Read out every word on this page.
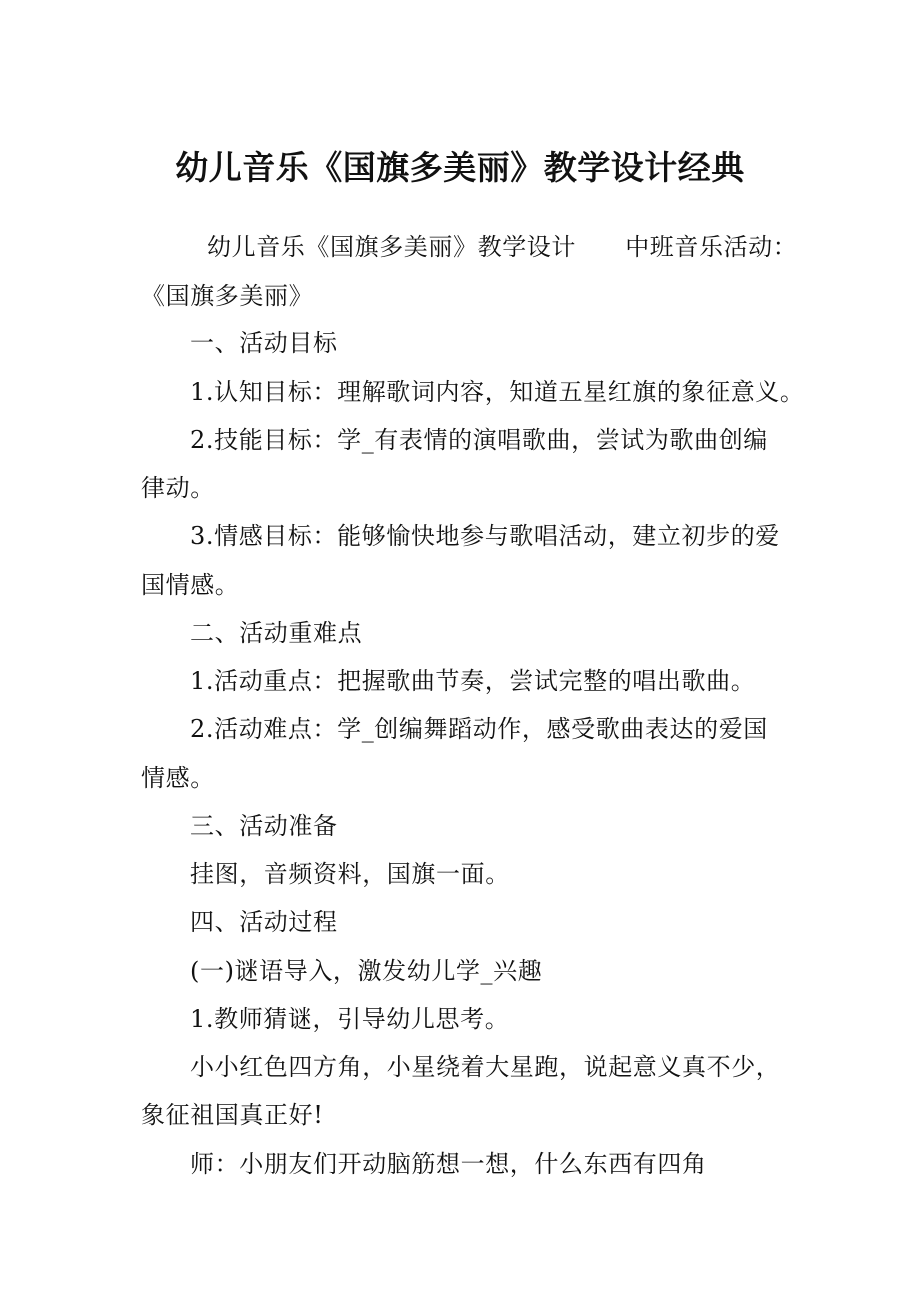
幼儿音乐《国旗多美丽》教学设计经典
幼儿音乐《国旗多美丽》教学设计　　中班音乐活动：
《国旗多美丽》
一、活动目标
1.认知目标：理解歌词内容，知道五星红旗的象征意义。
2.技能目标：学_有表情的演唱歌曲，尝试为歌曲创编
律动。
3.情感目标：能够愉快地参与歌唱活动，建立初步的爱
国情感。
二、活动重难点
1.活动重点：把握歌曲节奏，尝试完整的唱出歌曲。
2.活动难点：学_创编舞蹈动作，感受歌曲表达的爱国
情感。
三、活动准备
挂图，音频资料，国旗一面。
四、活动过程
(一)谜语导入，激发幼儿学_兴趣
1.教师猜谜，引导幼儿思考。
小小红色四方角，小星绕着大星跑，说起意义真不少，
象征祖国真正好!
师：小朋友们开动脑筋想一想，什么东西有四角
